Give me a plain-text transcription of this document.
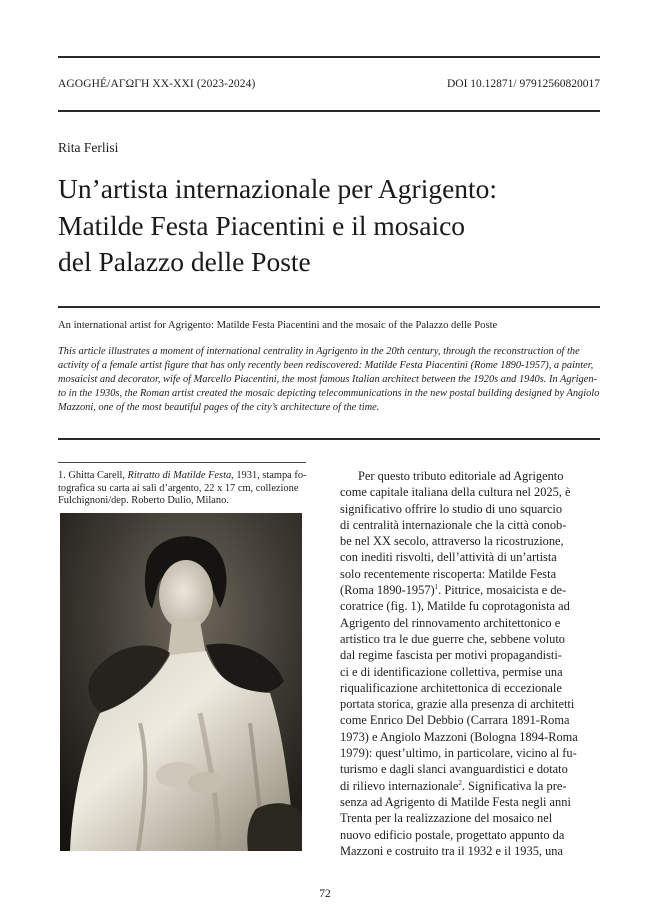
AGOGHÉ/ΑΓΩΓΗ XX-XXI (2023-2024)	DOI 10.12871/ 97912560820017
Rita Ferlisi
Un’artista internazionale per Agrigento:
Matilde Festa Piacentini e il mosaico
del Palazzo delle Poste
An international artist for Agrigento: Matilde Festa Piacentini and the mosaic of the Palazzo delle Poste
This article illustrates a moment of international centrality in Agrigento in the 20th century, through the reconstruction of the
activity of a female artist figure that has only recently been rediscovered: Matilde Festa Piacentini (Rome 1890-1957), a painter,
mosaicist and decorator, wife of Marcello Piacentini, the most famous Italian architect between the 1920s and 1940s. In Agrigen-
to in the 1930s, the Roman artist created the mosaic depicting telecommunications in the new postal building designed by Angiolo
Mazzoni, one of the most beautiful pages of the city’s architecture of the time.
1. Ghitta Carell, Ritratto di Matilde Festa, 1931, stampa fo-
tografica su carta ai sali d’argento, 22 x 17 cm, collezione
Fulchignoni/dep. Roberto Dulio, Milano.
Per questo tributo editoriale ad Agrigento
come capitale italiana della cultura nel 2025, è
significativo offrire lo studio di uno squarcio
di centralità internazionale che la città conob-
be nel XX secolo, attraverso la ricostruzione,
con inediti risvolti, dell’attività di un’artista
solo recentemente riscoperta: Matilde Festa
(Roma 1890-1957)$^1$. Pittrice, mosaicista e de-
coratrice (fig. 1), Matilde fu coprotagonista ad
Agrigento del rinnovamento architettonico e
artistico tra le due guerre che, sebbene voluto
dal regime fascista per motivi propagandisti-
ci e di identificazione collettiva, permise una
riqualificazione architettonica di eccezionale
portata storica, grazie alla presenza di architetti
come Enrico Del Debbio (Carrara 1891-Roma
1973) e Angiolo Mazzoni (Bologna 1894-Roma
1979): quest’ultimo, in particolare, vicino al fu-
turismo e dagli slanci avanguardistici e dotato
di rilievo internazionale$^2$. Significativa la pre-
senza ad Agrigento di Matilde Festa negli anni
Trenta per la realizzazione del mosaico nel
nuovo edificio postale, progettato appunto da
Mazzoni e costruito tra il 1932 e il 1935, una
72
